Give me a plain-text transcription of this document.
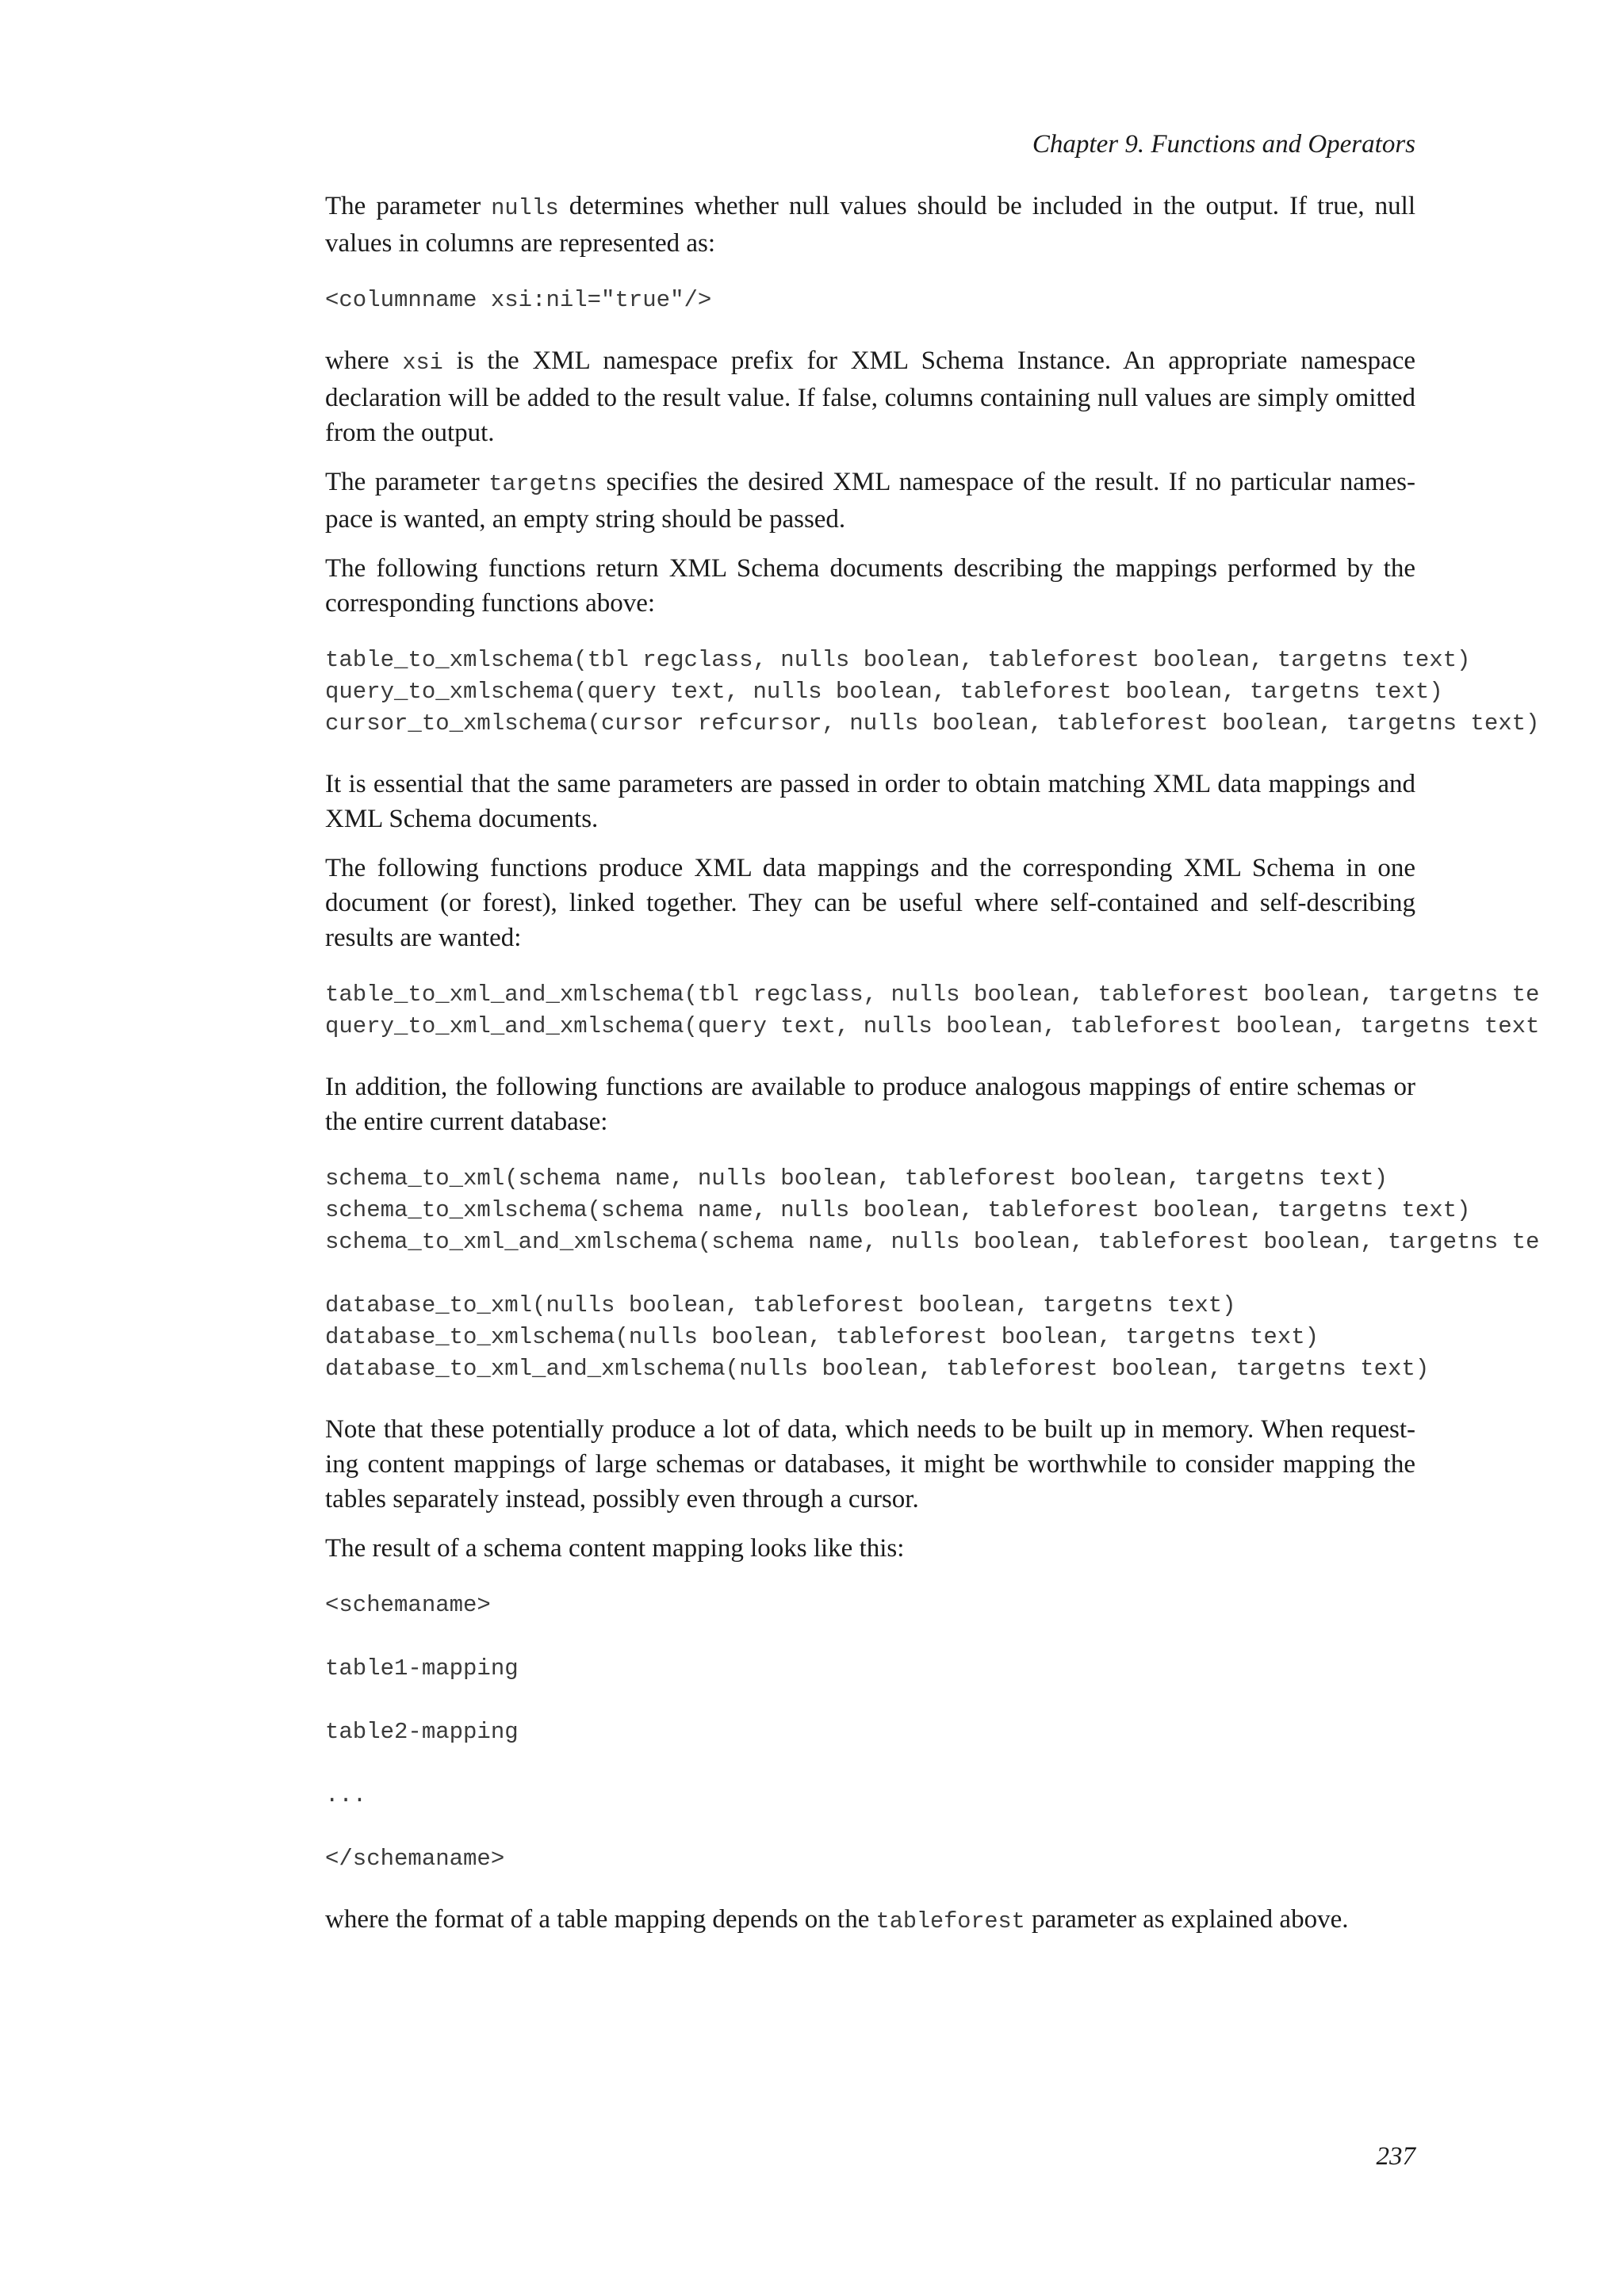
Chapter 9. Functions and Operators

The parameter nulls determines whether null values should be included in the output. If true, null values in columns are represented as:

<columnname xsi:nil="true"/>

where xsi is the XML namespace prefix for XML Schema Instance. An appropriate namespace declaration will be added to the result value. If false, columns containing null values are simply omitted from the output.

The parameter targetns specifies the desired XML namespace of the result. If no particular names- pace is wanted, an empty string should be passed.

The following functions return XML Schema documents describing the mappings performed by the corresponding functions above:

table_to_xmlschema(tbl regclass, nulls boolean, tableforest boolean, targetns text)
query_to_xmlschema(query text, nulls boolean, tableforest boolean, targetns text)
cursor_to_xmlschema(cursor refcursor, nulls boolean, tableforest boolean, targetns text)

It is essential that the same parameters are passed in order to obtain matching XML data mappings and XML Schema documents.

The following functions produce XML data mappings and the corresponding XML Schema in one document (or forest), linked together. They can be useful where self-contained and self-describing results are wanted:

table_to_xml_and_xmlschema(tbl regclass, nulls boolean, tableforest boolean, targetns te
query_to_xml_and_xmlschema(query text, nulls boolean, tableforest boolean, targetns text

In addition, the following functions are available to produce analogous mappings of entire schemas or the entire current database:

schema_to_xml(schema name, nulls boolean, tableforest boolean, targetns text)
schema_to_xmlschema(schema name, nulls boolean, tableforest boolean, targetns text)
schema_to_xml_and_xmlschema(schema name, nulls boolean, tableforest boolean, targetns te
database_to_xml(nulls boolean, tableforest boolean, targetns text)
database_to_xmlschema(nulls boolean, tableforest boolean, targetns text)
database_to_xml_and_xmlschema(nulls boolean, tableforest boolean, targetns text)

Note that these potentially produce a lot of data, which needs to be built up in memory. When request- ing content mappings of large schemas or databases, it might be worthwhile to consider mapping the tables separately instead, possibly even through a cursor.

The result of a schema content mapping looks like this:

<schemaname>
table1-mapping
table2-mapping
...
</schemaname>

where the format of a table mapping depends on the tableforest parameter as explained above.

237
